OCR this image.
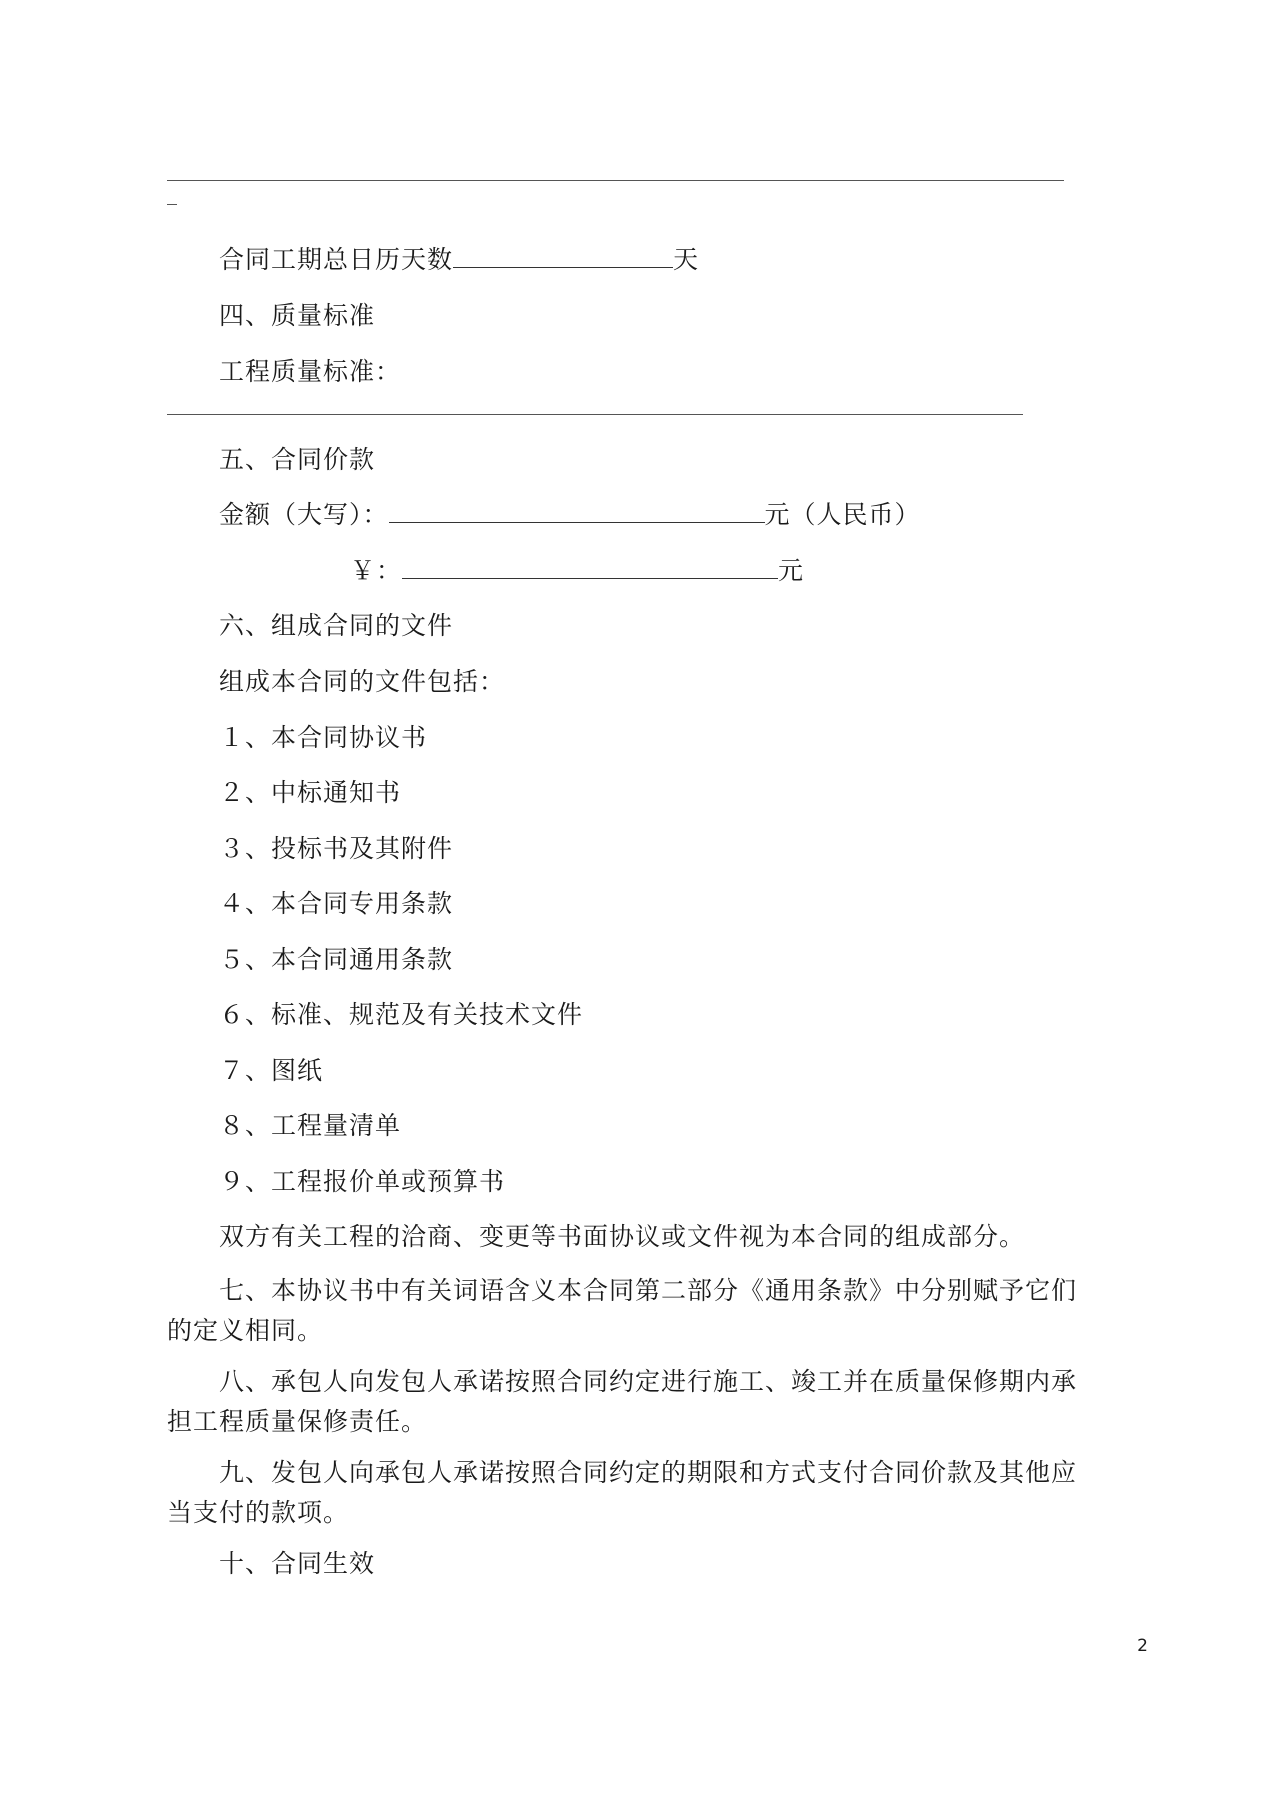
合同工期总日历天数	天
四、质量标准
工程质量标准：
五、合同价款
金额（大写）：	元（人民币）
￥：	元
六、组成合同的文件
组成本合同的文件包括：
１、本合同协议书
２、中标通知书
３、投标书及其附件
４、本合同专用条款
５、本合同通用条款
６、标准、规范及有关技术文件
７、图纸
８、工程量清单
９、工程报价单或预算书
双方有关工程的洽商、变更等书面协议或文件视为本合同的组成部分。
七、本协议书中有关词语含义本合同第二部分《通用条款》中分别赋予它们的定义相同。
八、承包人向发包人承诺按照合同约定进行施工、竣工并在质量保修期内承担工程质量保修责任。
九、发包人向承包人承诺按照合同约定的期限和方式支付合同价款及其他应当支付的款项。
十、合同生效
2
